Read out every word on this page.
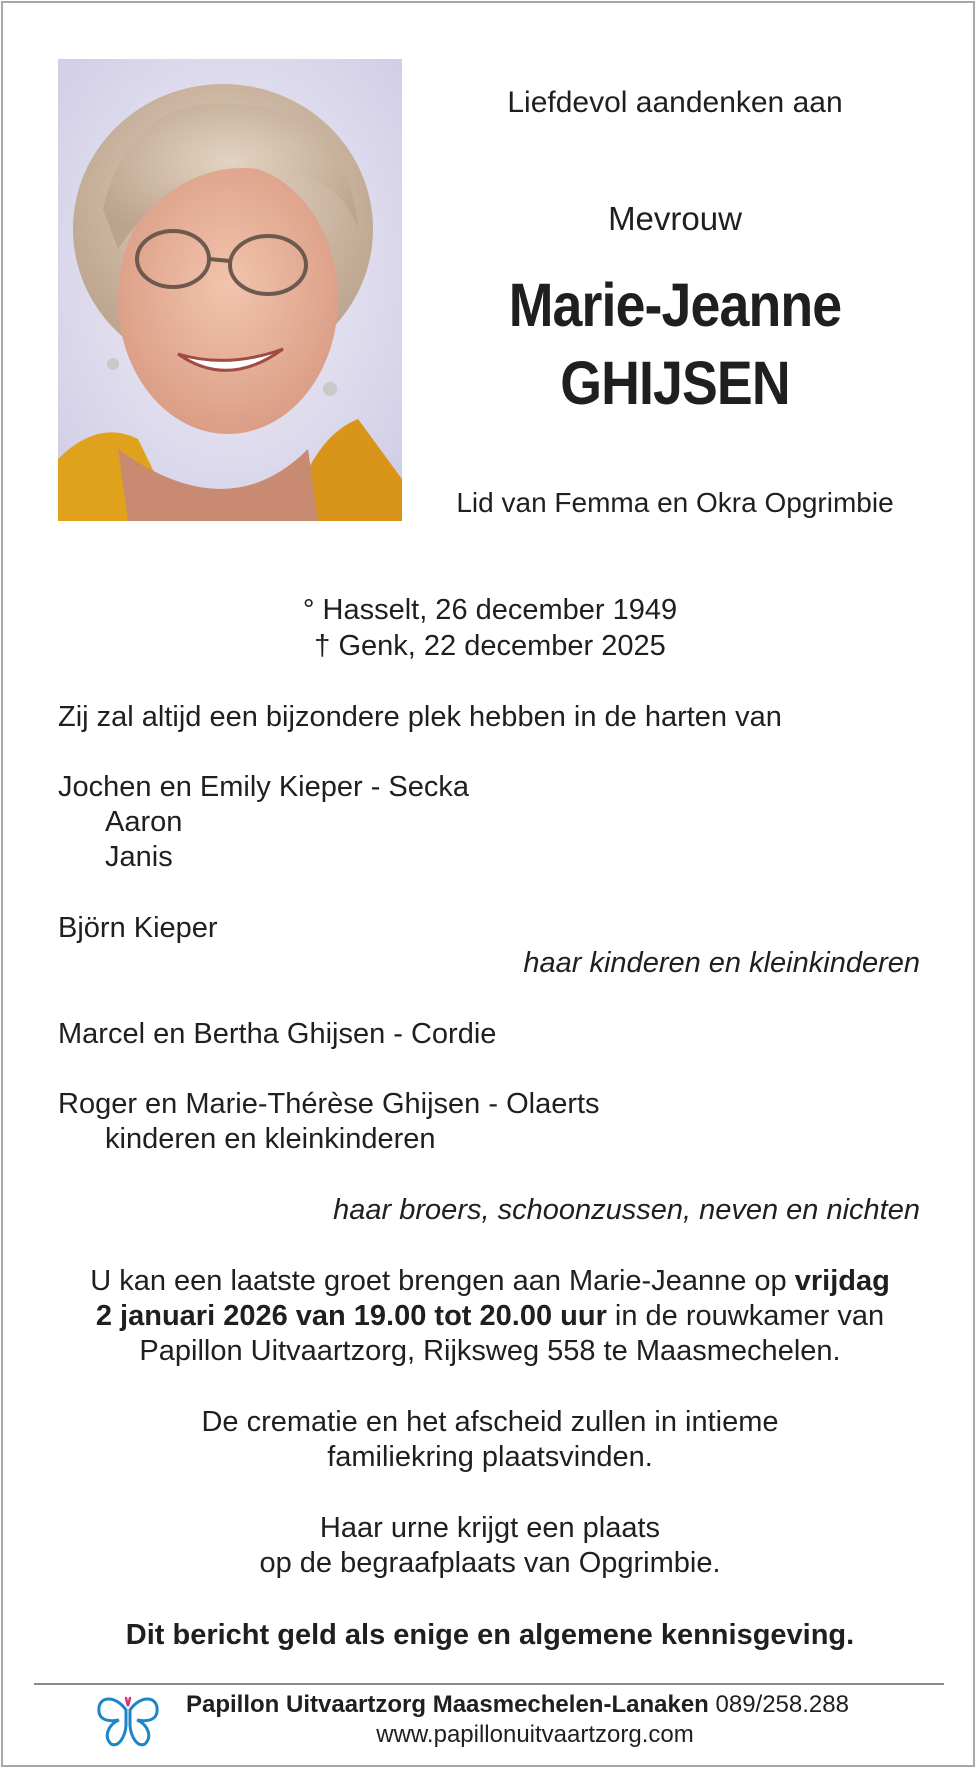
Liefdevol aandenken aan
Mevrouw
Marie-Jeanne
GHIJSEN
Lid van Femma en Okra Opgrimbie
° Hasselt, 26 december 1949
† Genk, 22 december 2025
Zij zal altijd een bijzondere plek hebben in de harten van
Jochen en Emily Kieper - Secka
Aaron
Janis
Björn Kieper
haar kinderen en kleinkinderen
Marcel en Bertha Ghijsen - Cordie
Roger en Marie-Thérèse Ghijsen - Olaerts
kinderen en kleinkinderen
haar broers, schoonzussen, neven en nichten
U kan een laatste groet brengen aan Marie-Jeanne op vrijdag
2 januari 2026 van 19.00 tot 20.00 uur in de rouwkamer van
Papillon Uitvaartzorg, Rijksweg 558 te Maasmechelen.
De crematie en het afscheid zullen in intieme
familiekring plaatsvinden.
Haar urne krijgt een plaats
op de begraafplaats van Opgrimbie.
Dit bericht geld als enige en algemene kennisgeving.
Papillon Uitvaartzorg Maasmechelen-Lanaken 089/258.288
www.papillonuitvaartzorg.com
